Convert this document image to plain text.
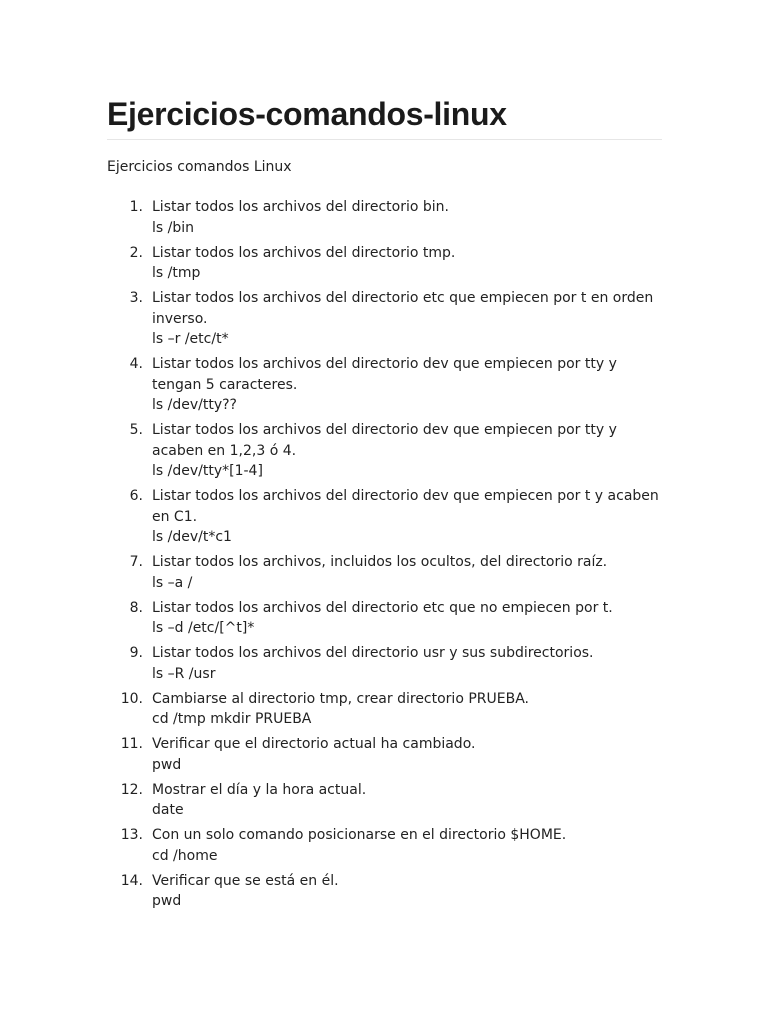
Ejercicios-comandos-linux

Ejercicios comandos Linux

1. Listar todos los archivos del directorio bin.
ls /bin
2. Listar todos los archivos del directorio tmp.
ls /tmp
3. Listar todos los archivos del directorio etc que empiecen por t en orden inverso.
ls –r /etc/t*
4. Listar todos los archivos del directorio dev que empiecen por tty y tengan 5 caracteres.
ls /dev/tty??
5. Listar todos los archivos del directorio dev que empiecen por tty y acaben en 1,2,3 ó 4.
ls /dev/tty*[1-4]
6. Listar todos los archivos del directorio dev que empiecen por t y acaben en C1.
ls /dev/t*c1
7. Listar todos los archivos, incluidos los ocultos, del directorio raíz.
ls –a /
8. Listar todos los archivos del directorio etc que no empiecen por t.
ls –d /etc/[^t]*
9. Listar todos los archivos del directorio usr y sus subdirectorios.
ls –R /usr
10. Cambiarse al directorio tmp, crear directorio PRUEBA.
cd /tmp mkdir PRUEBA
11. Verificar que el directorio actual ha cambiado.
pwd
12. Mostrar el día y la hora actual.
date
13. Con un solo comando posicionarse en el directorio $HOME.
cd /home
14. Verificar que se está en él.
pwd
